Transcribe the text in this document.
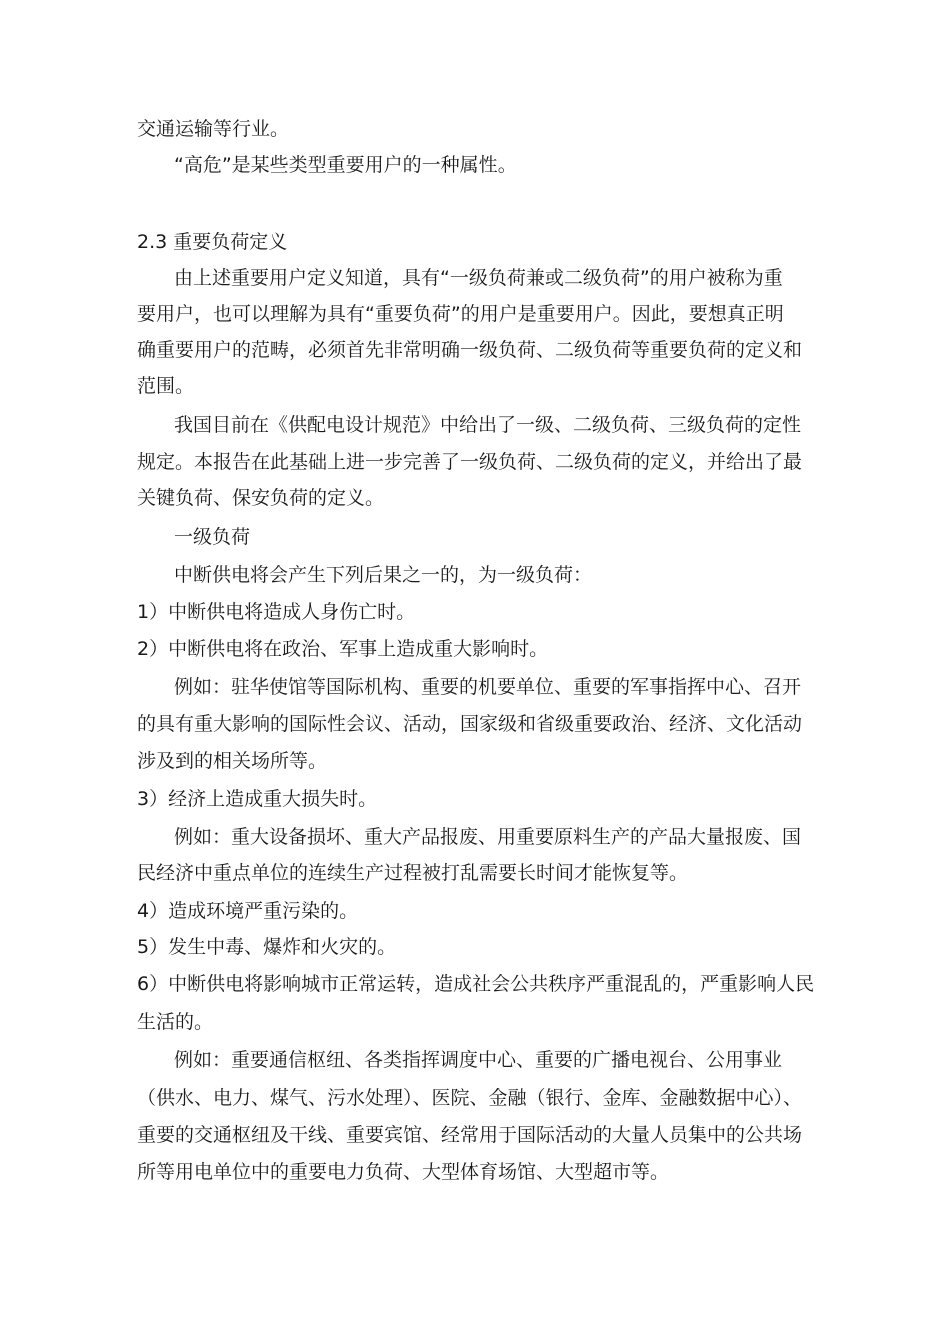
交通运输等行业。

“高危”是某些类型重要用户的一种属性。

2.3 重要负荷定义

由上述重要用户定义知道，具有“一级负荷兼或二级负荷”的用户被称为重

要用户，也可以理解为具有“重要负荷”的用户是重要用户。因此，要想真正明

确重要用户的范畴，必须首先非常明确一级负荷、二级负荷等重要负荷的定义和

范围。

我国目前在《供配电设计规范》中给出了一级、二级负荷、三级负荷的定性

规定。本报告在此基础上进一步完善了一级负荷、二级负荷的定义，并给出了最

关键负荷、保安负荷的定义。

一级负荷

中断供电将会产生下列后果之一的，为一级负荷：

1）中断供电将造成人身伤亡时。

2）中断供电将在政治、军事上造成重大影响时。

例如：驻华使馆等国际机构、重要的机要单位、重要的军事指挥中心、召开

的具有重大影响的国际性会议、活动，国家级和省级重要政治、经济、文化活动

涉及到的相关场所等。

3）经济上造成重大损失时。

例如：重大设备损坏、重大产品报废、用重要原料生产的产品大量报废、国

民经济中重点单位的连续生产过程被打乱需要长时间才能恢复等。

4）造成环境严重污染的。

5）发生中毒、爆炸和火灾的。

6）中断供电将影响城市正常运转，造成社会公共秩序严重混乱的，严重影响人民

生活的。

例如：重要通信枢纽、各类指挥调度中心、重要的广播电视台、公用事业

（供水、电力、煤气、污水处理）、医院、金融（银行、金库、金融数据中心）、

重要的交通枢纽及干线、重要宾馆、经常用于国际活动的大量人员集中的公共场

所等用电单位中的重要电力负荷、大型体育场馆、大型超市等。
